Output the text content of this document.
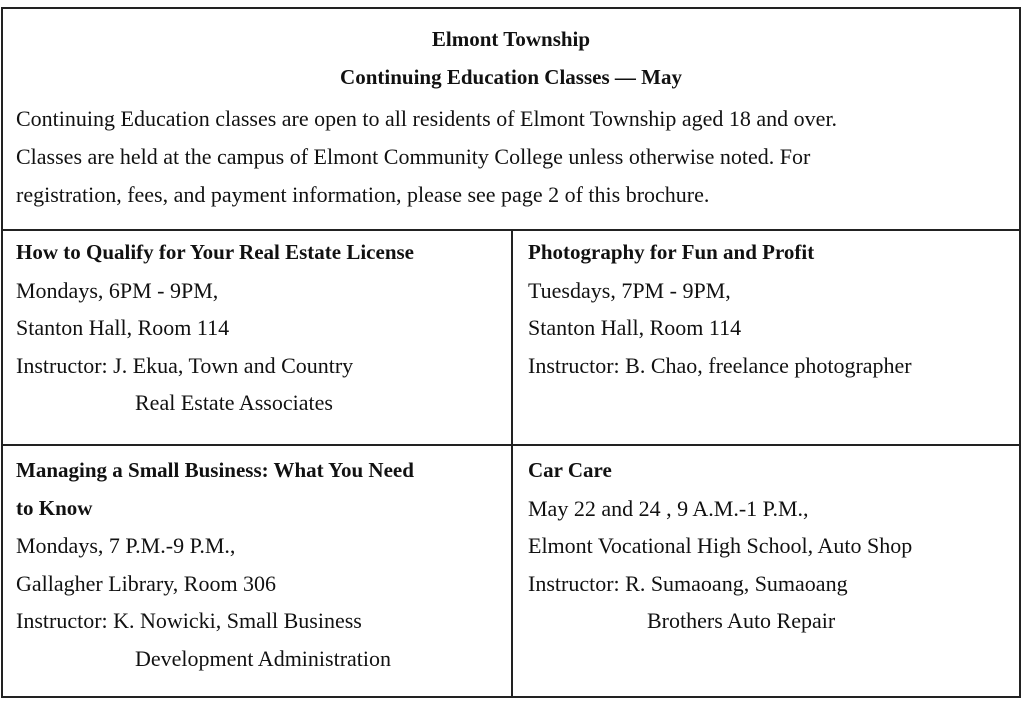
Elmont Township
Continuing Education Classes — May
Continuing Education classes are open to all residents of Elmont Township aged 18 and over.
Classes are held at the campus of Elmont Community College unless otherwise noted. For
registration, fees, and payment information, please see page 2 of this brochure.
How to Qualify for Your Real Estate License
Mondays, 6PM - 9PM,
Stanton Hall, Room 114
Instructor: J. Ekua, Town and Country
Real Estate Associates
Photography for Fun and Profit
Tuesdays, 7PM - 9PM,
Stanton Hall, Room 114
Instructor: B. Chao, freelance photographer
Managing a Small Business: What You Need
to Know
Mondays, 7 P.M.-9 P.M.,
Gallagher Library, Room 306
Instructor: K. Nowicki, Small Business
Development Administration
Car Care
May 22 and 24 , 9 A.M.-1 P.M.,
Elmont Vocational High School, Auto Shop
Instructor: R. Sumaoang, Sumaoang
Brothers Auto Repair
